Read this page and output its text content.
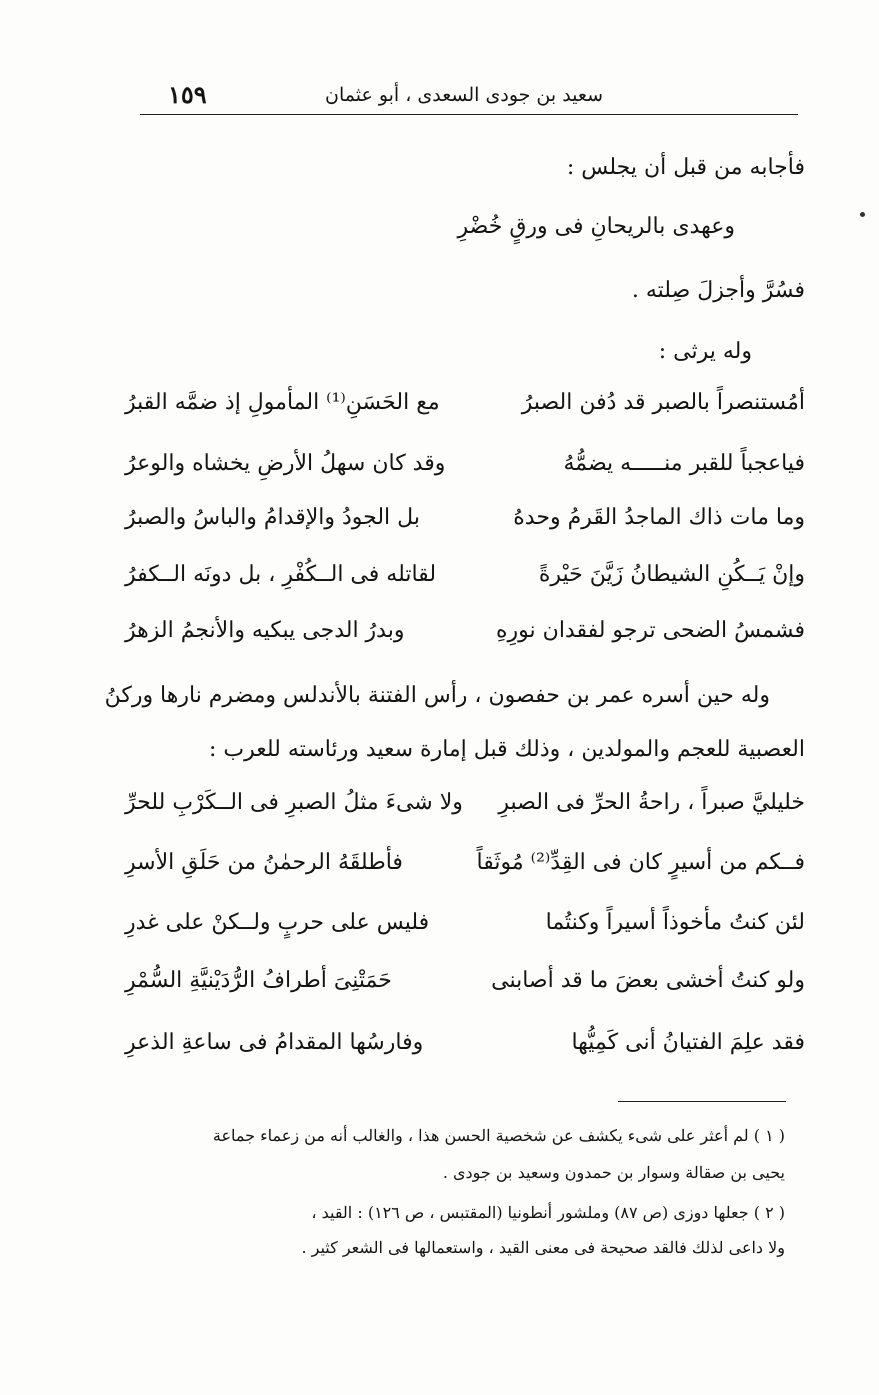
سعيد بن جودى السعدى ، أبو عثمان
١٥٩
فأجابه من قبل أن يجلس :
وعهدى بالريحانِ فى ورقٍ خُضْرِ
فسُرَّ وأجزلَ صِلته .
وله يرثى :
أمُستنصراً بالصبر قد دُفن الصبرُ
مع الحَسَنِ⁽¹⁾ المأمولِ إذ ضمَّه القبرُ
فياعجباً للقبر منـــــه يضمُّهُ
وقد كان سهلُ الأرضِ يخشاه والوعرُ
وما مات ذاك الماجدُ القَرمُ وحدهُ
بل الجودُ والإقدامُ والباسُ والصبرُ
وإنْ يَــكُنِ الشيطانُ زَيَّنَ حَيْرةً
لقاتله فى الــكُفْرِ ، بل دونَه الــكفرُ
فشمسُ الضحى ترجو لفقدان نورِهِ
وبدرُ الدجى يبكيه والأنجمُ الزهرُ
وله حين أسره عمر بن حفصون ، رأس الفتنة بالأندلس ومضرم نارها وركنُ
العصبية للعجم والمولدين ، وذلك قبل إمارة سعيد ورئاسته للعرب :
خليليَّ صبراً ، راحةُ الحرِّ فى الصبرِ
ولا شىءَ مثلُ الصبرِ فى الــكَرْبِ للحرِّ
فــكم من أسيرٍ كان فى القِدِّ⁽²⁾ مُوثَقاً
فأطلقَهُ الرحمٰنُ من حَلَقِ الأسرِ
لئن كنتُ مأخوذاً أسيراً وكنتُما
فليس على حربٍ ولــكنْ على غدرِ
ولو كنتُ أخشى بعضَ ما قد أصابنى
حَمَتْنِىَ أطرافُ الرُّدَيْنيَّةِ السُّمْرِ
فقد علِمَ الفتيانُ أنى كَمِيُّها
وفارسُها المقدامُ فى ساعةِ الذعرِ
( ١ ) لم أعثر على شىء يكشف عن شخصية الحسن هذا ، والغالب أنه من زعماء جماعة
يحيى بن صقالة وسوار بن حمدون وسعيد بن جودى .
( ٢ ) جعلها دوزى (ص ٨٧) وملشور أنطونيا (المقتبس ، ص ١٢٦) : القيد ،
ولا داعى لذلك فالقد صحيحة فى معنى القيد ، واستعمالها فى الشعر كثير .
